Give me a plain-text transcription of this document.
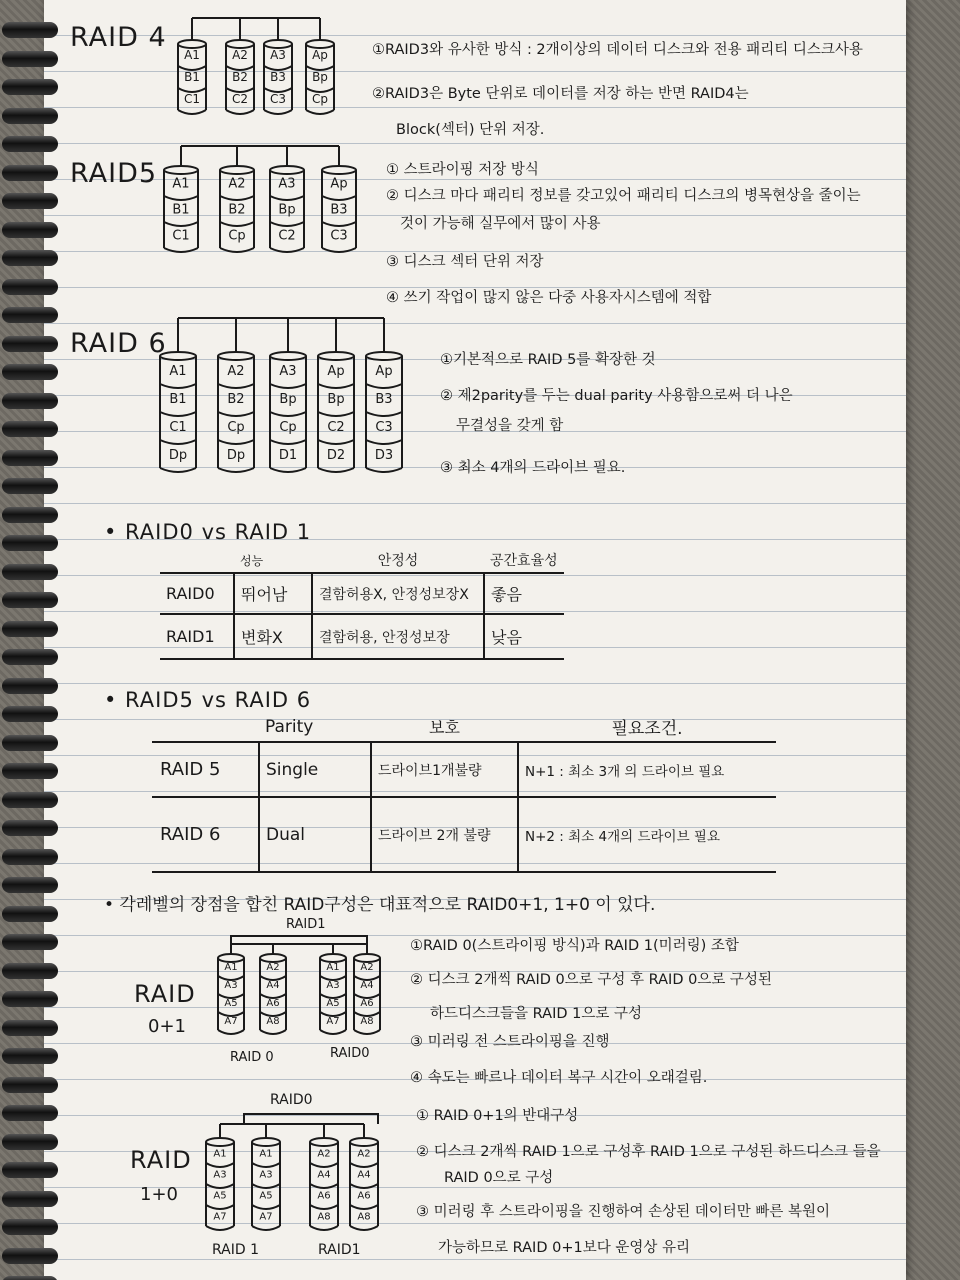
A1
B1
C1
A2
B2
C2
A3
B3
C3
Ap
Bp
Cp
A1
B1
C1
A2
B2
Cp
A3
Bp
C2
Ap
B3
C3
A1
B1
C1
Dp
A2
B2
Cp
Dp
A3
Bp
Cp
D1
Ap
Bp
C2
D2
Ap
B3
C3
D3
A1
A3
A5
A7
A2
A4
A6
A8
A1
A3
A5
A7
A2
A4
A6
A8
A1
A3
A5
A7
A1
A3
A5
A7
A2
A4
A6
A8
A2
A4
A6
A8
RAID 4	①RAID3와 유사한 방식 : 2개이상의 데이터 디스크와 전용 패리티 디스크사용
②RAID3은 Byte 단위로 데이터를 저장 하는 반면 RAID4는
Block(섹터) 단위 저장.
RAID5	① 스트라이핑 저장 방식
② 디스크 마다 패리티 정보를 갖고있어 패리티 디스크의 병목현상을 줄이는
것이 가능해 실무에서 많이 사용
③ 디스크 섹터 단위 저장
④ 쓰기 작업이 많지 않은 다중 사용자시스템에 적합
RAID 6
①기본적으로 RAID 5를 확장한 것
② 제2parity를 두는 dual parity 사용함으로써 더 나은
무결성을 갖게 함
③ 최소 4개의 드라이브 필요.
• RAID0 vs RAID 1
	성능	안정성	공간효율성
RAID0	뛰어남	결함허용X, 안정성보장X	좋음
RAID1	변화X	결함허용, 안정성보장	낮음
• RAID5 vs RAID 6
	Parity	보호	필요조건.
RAID 5	Single	드라이브1개불량	N+1 : 최소 3개 의 드라이브 필요
RAID 6	Dual	드라이브 2개 불량	N+2 : 최소 4개의 드라이브 필요
• 각레벨의 장점을 합친 RAID구성은 대표적으로 RAID0+1, 1+0 이 있다.
RAID
0+1
RAID1
RAID 0	RAID0
①RAID 0(스트라이핑 방식)과 RAID 1(미러링) 조합
② 디스크 2개씩 RAID 0으로 구성 후 RAID 0으로 구성된
하드디스크들을 RAID 1으로 구성
③ 미러링 전 스트라이핑을 진행
④ 속도는 빠르나 데이터 복구 시간이 오래걸림.
RAID
1+0
RAID0
RAID 1	RAID1
① RAID 0+1의 반대구성
② 디스크 2개씩 RAID 1으로 구성후 RAID 1으로 구성된 하드디스크 들을
RAID 0으로 구성
③ 미러링 후 스트라이핑을 진행하여 손상된 데이터만 빠른 복원이
가능하므로 RAID 0+1보다 운영상 유리
